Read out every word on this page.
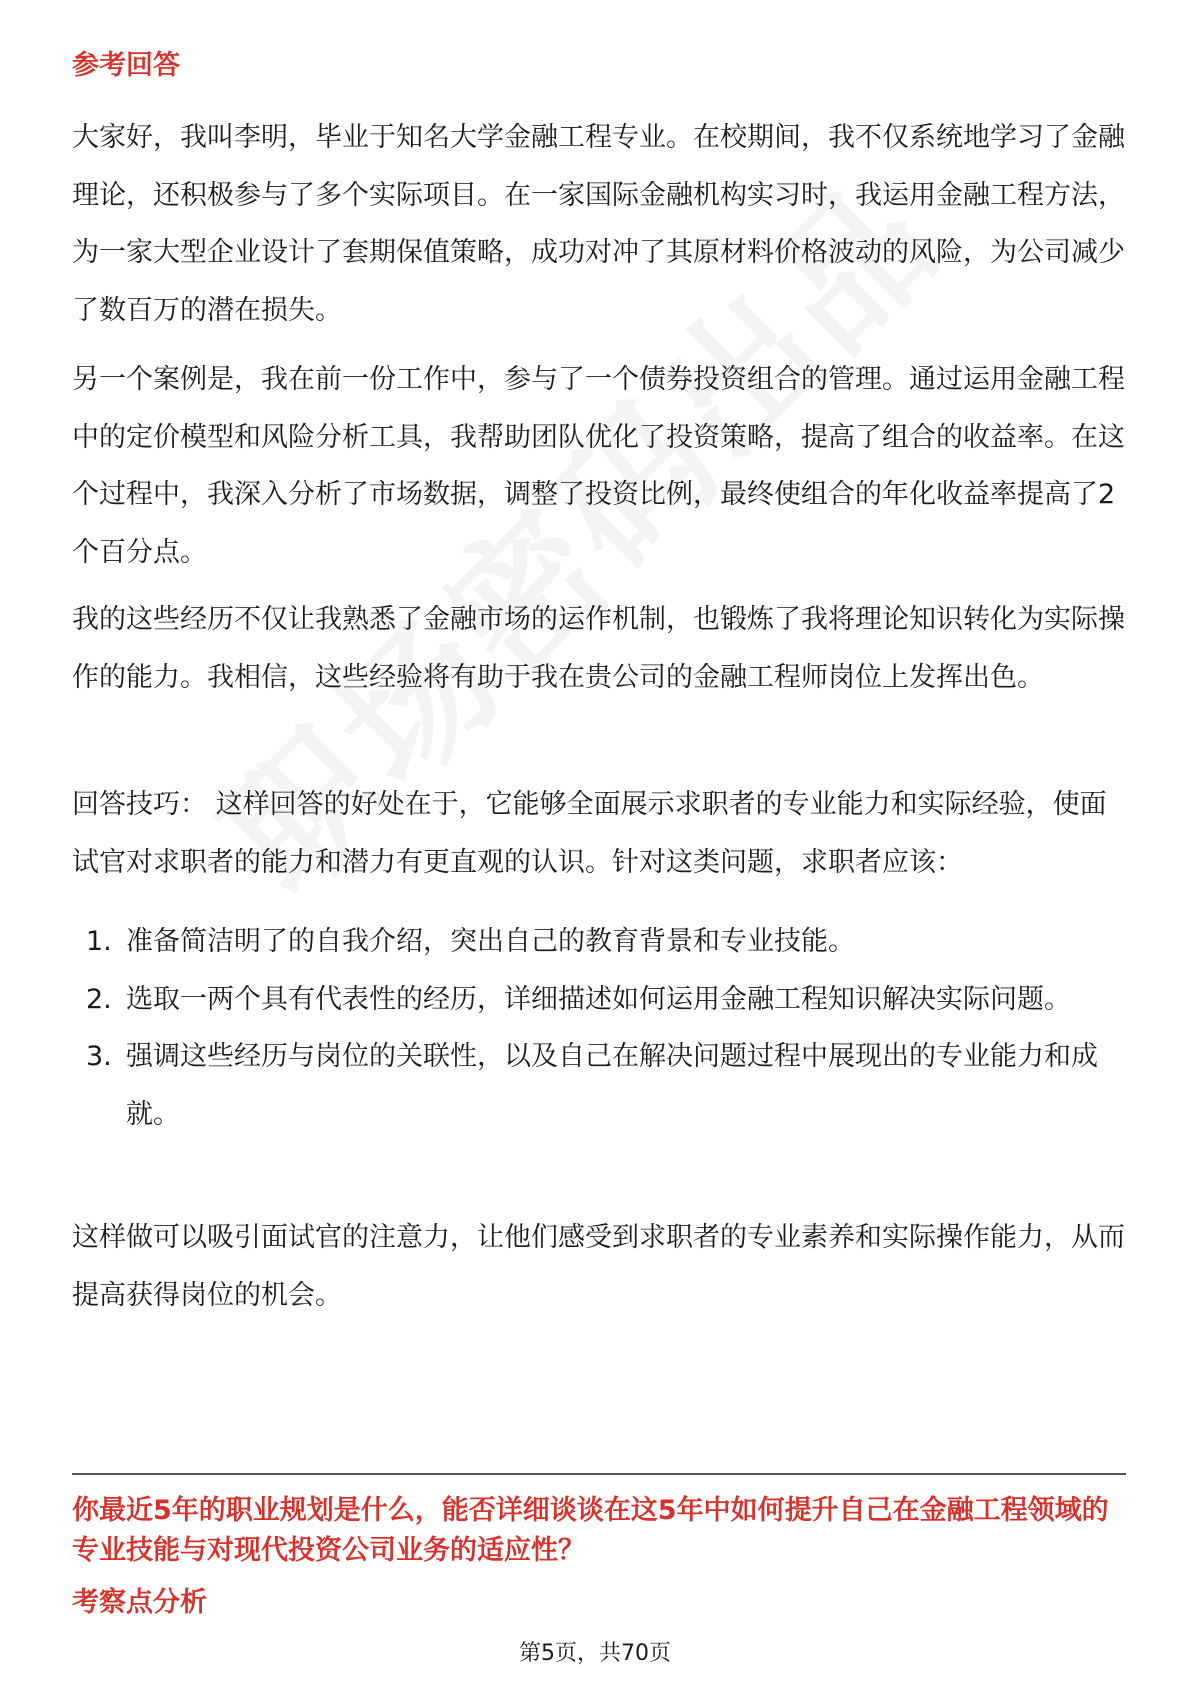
参考回答

大家好，我叫李明，毕业于知名大学金融工程专业。在校期间，我不仅系统地学习了金融理论，还积极参与了多个实际项目。在一家国际金融机构实习时，我运用金融工程方法，为一家大型企业设计了套期保值策略，成功对冲了其原材料价格波动的风险，为公司减少了数百万的潜在损失。

另一个案例是，我在前一份工作中，参与了一个债券投资组合的管理。通过运用金融工程中的定价模型和风险分析工具，我帮助团队优化了投资策略，提高了组合的收益率。在这个过程中，我深入分析了市场数据，调整了投资比例，最终使组合的年化收益率提高了2个百分点。

我的这些经历不仅让我熟悉了金融市场的运作机制，也锻炼了我将理论知识转化为实际操作的能力。我相信，这些经验将有助于我在贵公司的金融工程师岗位上发挥出色。

回答技巧： 这样回答的好处在于，它能够全面展示求职者的专业能力和实际经验，使面试官对求职者的能力和潜力有更直观的认识。针对这类问题，求职者应该：

1. 准备简洁明了的自我介绍，突出自己的教育背景和专业技能。
2. 选取一两个具有代表性的经历，详细描述如何运用金融工程知识解决实际问题。
3. 强调这些经历与岗位的关联性，以及自己在解决问题过程中展现出的专业能力和成就。

这样做可以吸引面试官的注意力，让他们感受到求职者的专业素养和实际操作能力，从而提高获得岗位的机会。

你最近5年的职业规划是什么，能否详细谈谈在这5年中如何提升自己在金融工程领域的专业技能与对现代投资公司业务的适应性？

考察点分析
第5页，共70页
